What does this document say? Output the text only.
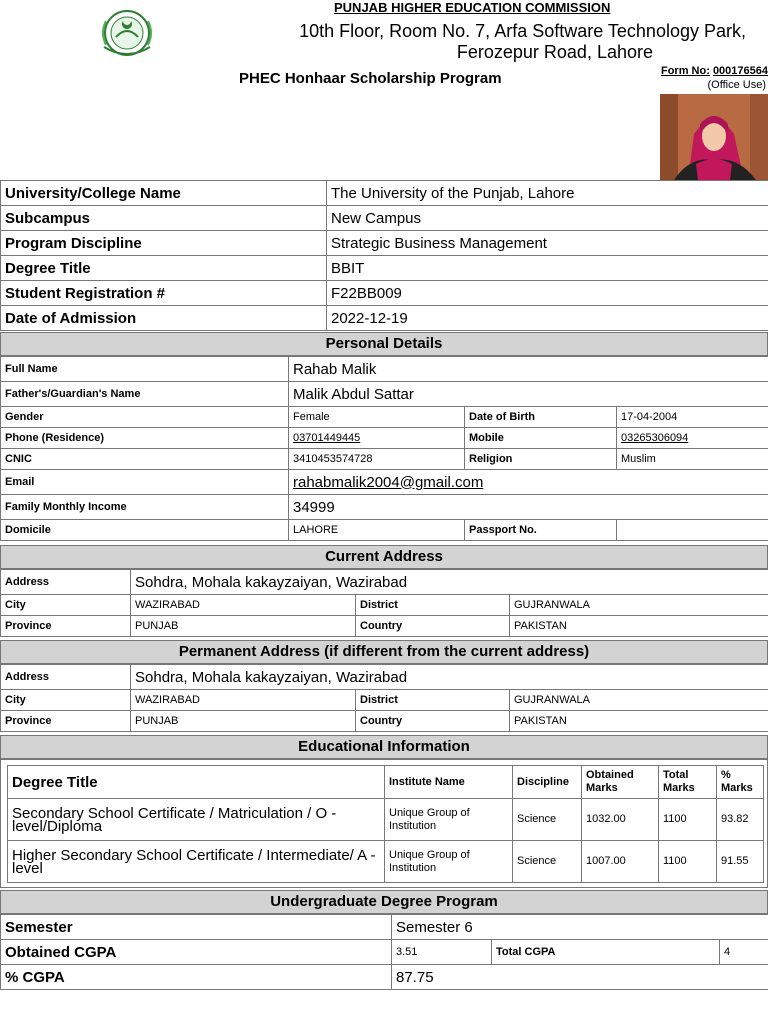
PUNJAB HIGHER EDUCATION COMMISSION
10th Floor, Room No. 7, Arfa Software Technology Park,
Ferozepur Road, Lahore
PHEC Honhaar Scholarship Program	Form No: 000176564
(Office Use)
University/College Name	The University of the Punjab, Lahore
Subcampus	New Campus
Program Discipline	Strategic Business Management
Degree Title	BBIT
Student Registration #	F22BB009
Date of Admission	2022-12-19
Personal Details
Full Name	Rahab Malik		
Father's/Guardian's Name	Malik Abdul Sattar		
Gender	Female	Date of Birth	17-04-2004
Phone (Residence)	03701449445	Mobile	03265306094
CNIC	3410453574728	Religion	Muslim
Email	rahabmalik2004@gmail.com		
Family Monthly Income	34999		
Domicile	LAHORE	Passport No.	
Current Address
Address	Sohdra, Mohala kakayzaiyan, Wazirabad		
City	WAZIRABAD	District	GUJRANWALA
Province	PUNJAB	Country	PAKISTAN
Permanent Address (if different from the current address)
Address	Sohdra, Mohala kakayzaiyan, Wazirabad		
City	WAZIRABAD	District	GUJRANWALA
Province	PUNJAB	Country	PAKISTAN
Educational Information
Degree Title	Institute Name	Discipline	Obtained Marks	Total Marks	% Marks
Secondary School Certificate / Matriculation / O - level/Diploma	Unique Group of Institution	Science	1032.00	1100	93.82
Higher Secondary School Certificate / Intermediate/ A - level	Unique Group of Institution	Science	1007.00	1100	91.55
Undergraduate Degree Program
Semester	Semester 6		
Obtained CGPA	3.51	Total CGPA	4
% CGPA	87.75		
